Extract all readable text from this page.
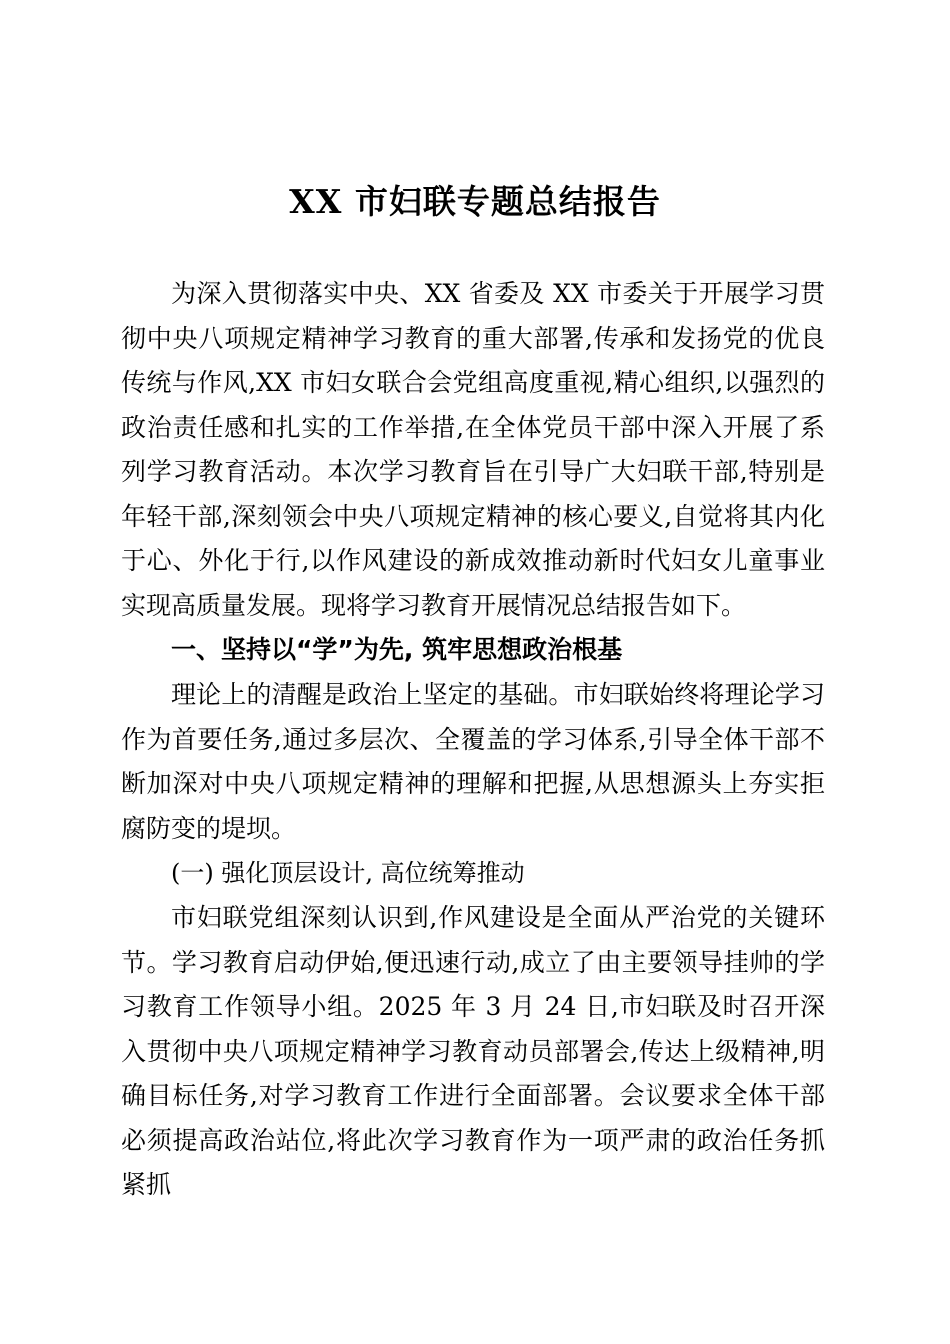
XX 市妇联专题总结报告

为深入贯彻落实中央、XX 省委及 XX 市委关于开展学习贯彻中央八项规定精神学习教育的重大部署,传承和发扬党的优良传统与作风,XX 市妇女联合会党组高度重视,精心组织,以强烈的政治责任感和扎实的工作举措,在全体党员干部中深入开展了系列学习教育活动。本次学习教育旨在引导广大妇联干部,特别是年轻干部,深刻领会中央八项规定精神的核心要义,自觉将其内化于心、外化于行,以作风建设的新成效推动新时代妇女儿童事业实现高质量发展。现将学习教育开展情况总结报告如下。

一、坚持以“学”为先, 筑牢思想政治根基

理论上的清醒是政治上坚定的基础。市妇联始终将理论学习作为首要任务,通过多层次、全覆盖的学习体系,引导全体干部不断加深对中央八项规定精神的理解和把握,从思想源头上夯实拒腐防变的堤坝。

(一) 强化顶层设计, 高位统筹推动

市妇联党组深刻认识到,作风建设是全面从严治党的关键环节。学习教育启动伊始,便迅速行动,成立了由主要领导挂帅的学习教育工作领导小组。2025 年 3 月 24 日,市妇联及时召开深入贯彻中央八项规定精神学习教育动员部署会,传达上级精神,明确目标任务,对学习教育工作进行全面部署。会议要求全体干部必须提高政治站位,将此次学习教育作为一项严肃的政治任务抓紧抓
